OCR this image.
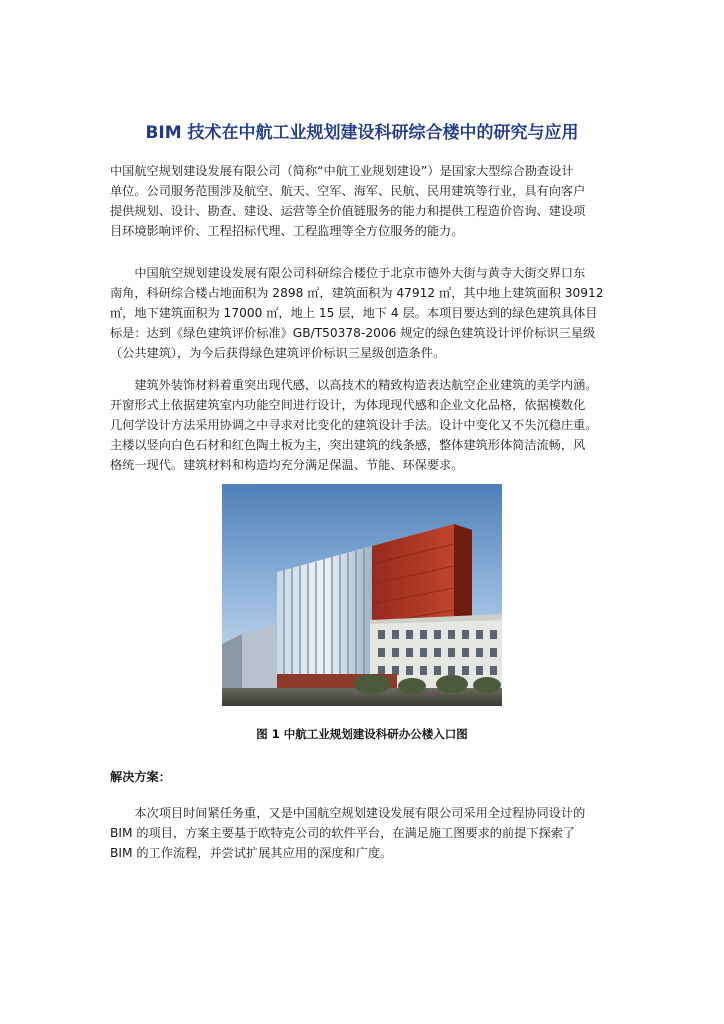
BIM 技术在中航工业规划建设科研综合楼中的研究与应用
中国航空规划建设发展有限公司（简称“中航工业规划建设”）是国家大型综合勘查设计
单位。公司服务范围涉及航空、航天、空军、海军、民航、民用建筑等行业，具有向客户
提供规划、设计、勘查、建设、运营等全价值链服务的能力和提供工程造价咨询、建设项
目环境影响评价、工程招标代理、工程监理等全方位服务的能力。
　　中国航空规划建设发展有限公司科研综合楼位于北京市德外大街与黄寺大街交界口东
南角，科研综合楼占地面积为 2898 ㎡，建筑面积为 47912 ㎡，其中地上建筑面积 30912
㎡，地下建筑面积为 17000 ㎡，地上 15 层，地下 4 层。本项目要达到的绿色建筑具体目
标是：达到《绿色建筑评价标准》GB/T50378-2006 规定的绿色建筑设计评价标识三星级
（公共建筑），为今后获得绿色建筑评价标识三星级创造条件。
　　建筑外装饰材料着重突出现代感，以高技术的精致构造表达航空企业建筑的美学内涵。
开窗形式上依据建筑室内功能空间进行设计，为体现现代感和企业文化品格，依据模数化
几何学设计方法采用协调之中寻求对比变化的建筑设计手法。设计中变化又不失沉稳庄重。
主楼以竖向白色石材和红色陶土板为主，突出建筑的线条感，整体建筑形体简洁流畅，风
格统一现代。建筑材料和构造均充分满足保温、节能、环保要求。
图 1 中航工业规划建设科研办公楼入口图
解决方案：
　　本次项目时间紧任务重，又是中国航空规划建设发展有限公司采用全过程协同设计的
BIM 的项目，方案主要基于欧特克公司的软件平台，在满足施工图要求的前提下探索了
BIM 的工作流程，并尝试扩展其应用的深度和广度。
